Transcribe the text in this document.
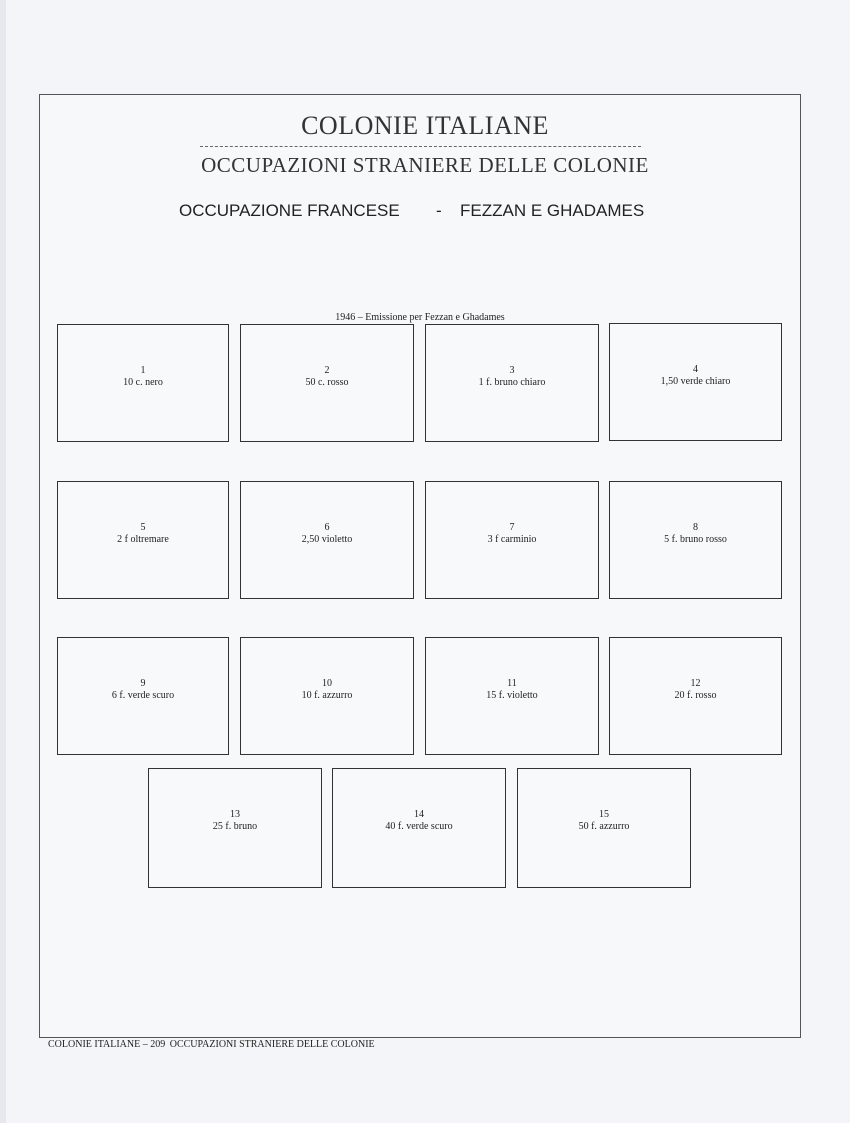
COLONIE ITALIANE
OCCUPAZIONI STRANIERE DELLE COLONIE
OCCUPAZIONE FRANCESE - FEZZAN E GHADAMES
1946 – Emissione per Fezzan e Ghadames
1
10 c. nero
2
50 c. rosso
3
1 f. bruno chiaro
4
1,50 verde chiaro
5
2 f oltremare
6
2,50 violetto
7
3 f carminio
8
5 f. bruno rosso
9
6 f. verde scuro
10
10 f. azzurro
11
15 f. violetto
12
20 f. rosso
13
25 f. bruno
14
40 f. verde scuro
15
50 f. azzurro
COLONIE ITALIANE – 209 OCCUPAZIONI STRANIERE DELLE COLONIE
